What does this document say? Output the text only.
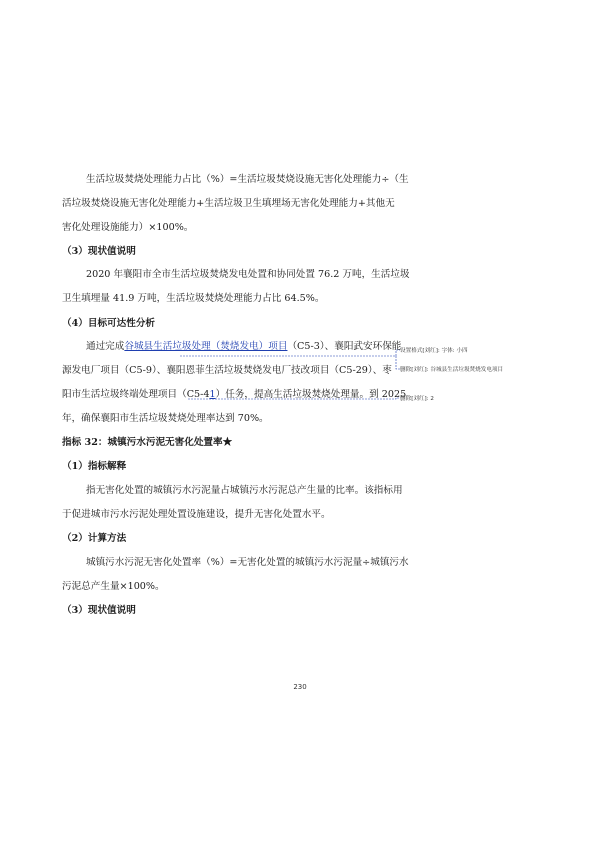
生活垃圾焚烧处理能力占比（%）=生活垃圾焚烧设施无害化处理能力÷（生
活垃圾焚烧设施无害化处理能力+生活垃圾卫生填埋场无害化处理能力+其他无
害化处理设施能力）×100%。
（3）现状值说明
2020 年襄阳市全市生活垃圾焚烧发电处置和协同处置 76.2 万吨，生活垃圾
卫生填埋量 41.9 万吨，生活垃圾焚烧处理能力占比 64.5%。
（4）目标可达性分析
通过完成谷城县生活垃圾处理（焚烧发电）项目（C5-3）、襄阳武安环保能
源发电厂项目（C5-9）、襄阳恩菲生活垃圾焚烧发电厂技改项目（C5-29）、枣
阳市生活垃圾终端处理项目（C5-41）任务，提高生活垃圾焚烧处理量。到 2025
年，确保襄阳市生活垃圾焚烧处理率达到 70%。
指标 32：城镇污水污泥无害化处置率★
（1）指标解释
指无害化处置的城镇污水污泥量占城镇污水污泥总产生量的比率。该指标用
于促进城市污水污泥处理处置设施建设，提升无害化处置水平。
（2）计算方法
城镇污水污泥无害化处置率（%）=无害化处置的城镇污水污泥量÷城镇污水
污泥总产生量×100%。
（3）现状值说明
设置格式[刘红]: 字体: 小四
删除[刘红]: 谷城县生活垃圾焚烧发电项目
删除[刘红]: 2
230
